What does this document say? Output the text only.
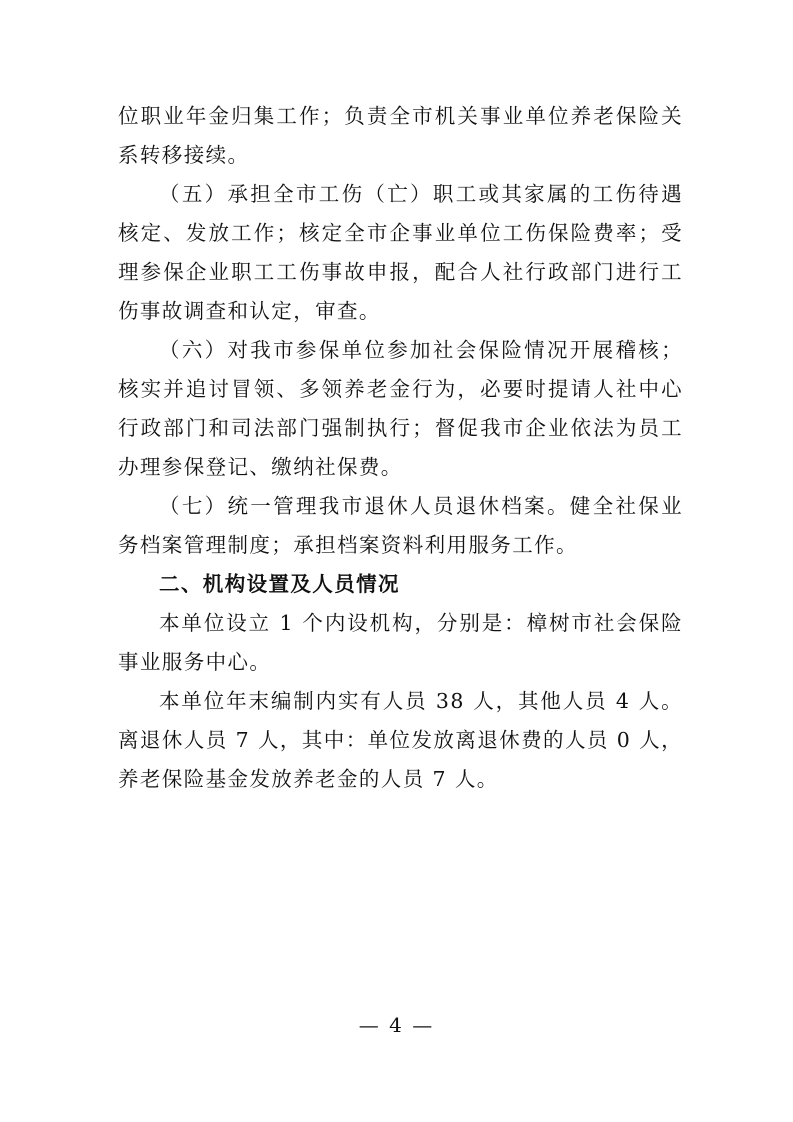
位职业年金归集工作；负责全市机关事业单位养老保险关系转移接续。

（五）承担全市工伤（亡）职工或其家属的工伤待遇核定、发放工作；核定全市企事业单位工伤保险费率；受理参保企业职工工伤事故申报，配合人社行政部门进行工伤事故调查和认定，审查。

（六）对我市参保单位参加社会保险情况开展稽核；核实并追讨冒领、多领养老金行为，必要时提请人社中心行政部门和司法部门强制执行；督促我市企业依法为员工办理参保登记、缴纳社保费。

（七）统一管理我市退休人员退休档案。健全社保业务档案管理制度；承担档案资料利用服务工作。

二、机构设置及人员情况

本单位设立 1 个内设机构，分别是：樟树市社会保险事业服务中心。

本单位年末编制内实有人员 38 人，其他人员 4 人。离退休人员 7 人，其中：单位发放离退休费的人员 0 人，养老保险基金发放养老金的人员 7 人。

— 4 —
